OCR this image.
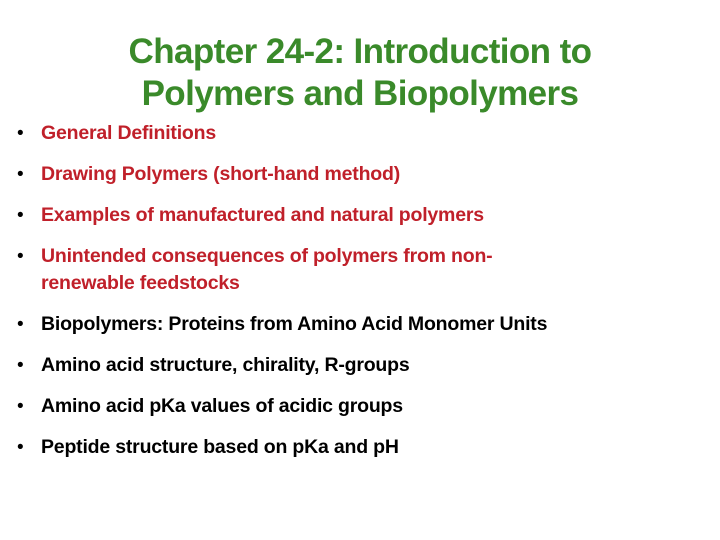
Chapter 24-2: Introduction to
Polymers and Biopolymers
• General Definitions
• Drawing Polymers (short-hand method)
• Examples of manufactured and natural polymers
• Unintended consequences of polymers from non-
renewable feedstocks
• Biopolymers: Proteins from Amino Acid Monomer Units
• Amino acid structure, chirality, R-groups
• Amino acid pKa values of acidic groups
• Peptide structure based on pKa and pH
